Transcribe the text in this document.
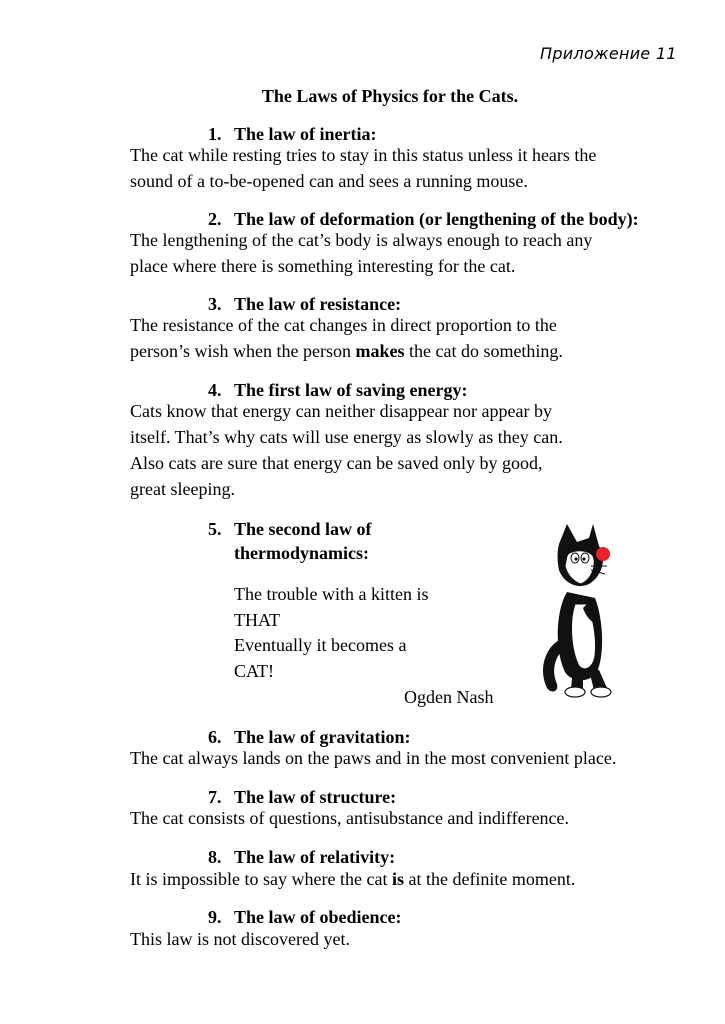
Приложение 11
The Laws of Physics for the Cats.
1. The law of inertia:
The cat while resting tries to stay in this status unless it hears the
sound of a to-be-opened can and sees a running mouse.
2. The law of deformation (or lengthening of the body):
The lengthening of the cat’s body is always enough to reach any
place where there is something interesting for the cat.
3. The law of resistance:
The resistance of the cat changes in direct proportion to the
person’s wish when the person makes the cat do something.
4. The first law of saving energy:
Cats know that energy can neither disappear nor appear by
itself. That’s why cats will use energy as slowly as they can.
Also cats are sure that energy can be saved only by good,
great sleeping.
5. The second law of
thermodynamics:
The trouble with a kitten is
THAT
Eventually it becomes a
CAT!
Ogden Nash
6. The law of gravitation:
The cat always lands on the paws and in the most convenient place.
7. The law of structure:
The cat consists of questions, antisubstance and indifference.
8. The law of relativity:
It is impossible to say where the cat is at the definite moment.
9. The law of obedience:
This law is not discovered yet.
